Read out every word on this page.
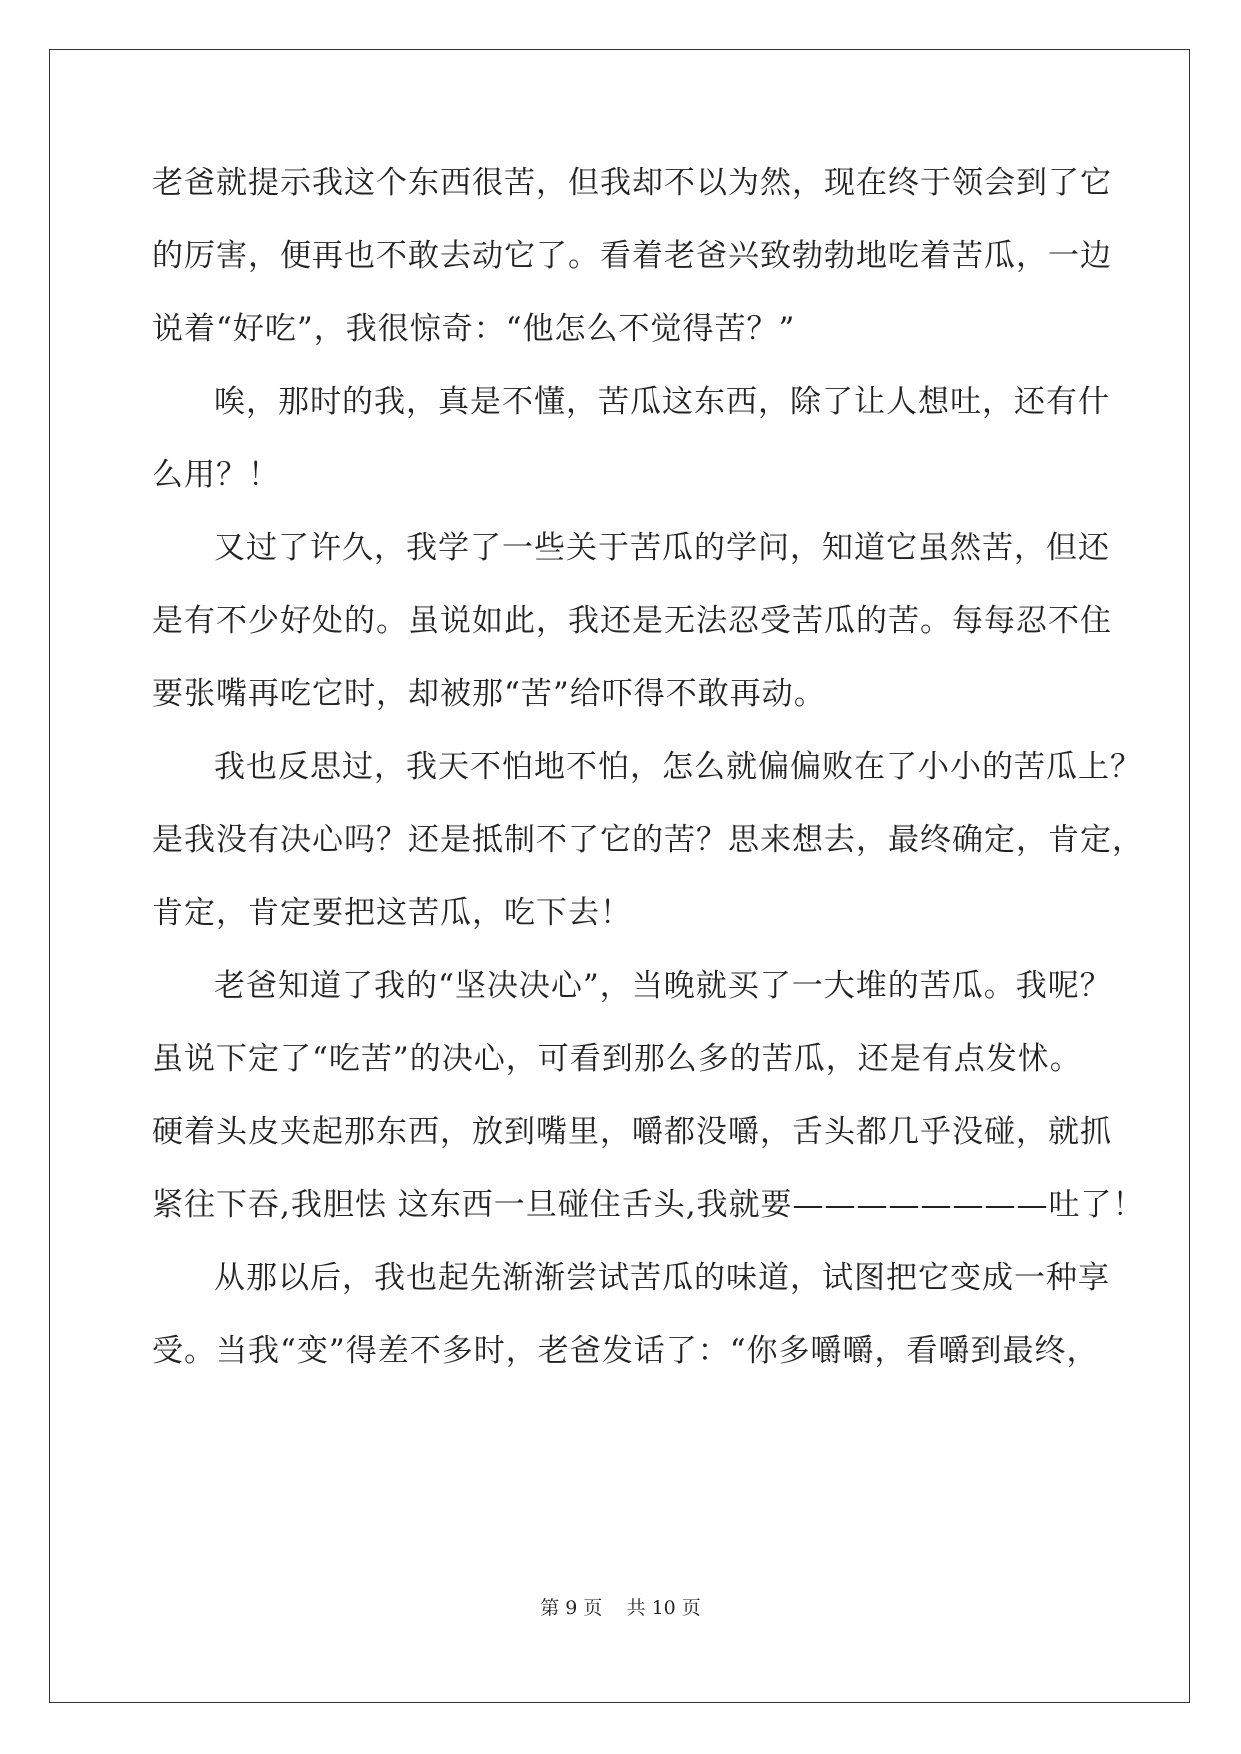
老爸就提示我这个东西很苦，但我却不以为然，现在终于领会到了它
的厉害，便再也不敢去动它了。看着老爸兴致勃勃地吃着苦瓜，一边
说着“好吃”，我很惊奇：“他怎么不觉得苦？”
唉，那时的我，真是不懂，苦瓜这东西，除了让人想吐，还有什
么用？！
又过了许久，我学了一些关于苦瓜的学问，知道它虽然苦，但还
是有不少好处的。虽说如此，我还是无法忍受苦瓜的苦。每每忍不住
要张嘴再吃它时，却被那“苦”给吓得不敢再动。
我也反思过，我天不怕地不怕，怎么就偏偏败在了小小的苦瓜上？
是我没有决心吗？还是抵制不了它的苦？思来想去，最终确定，肯定，
肯定，肯定要把这苦瓜，吃下去！
老爸知道了我的“坚决决心”，当晚就买了一大堆的苦瓜。我呢？
虽说下定了“吃苦”的决心，可看到那么多的苦瓜，还是有点发怵。
硬着头皮夹起那东西，放到嘴里，嚼都没嚼，舌头都几乎没碰，就抓
紧往下吞,我胆怯 这东西一旦碰住舌头,我就要————————吐了！
从那以后，我也起先渐渐尝试苦瓜的味道，试图把它变成一种享
受。当我“变”得差不多时，老爸发话了：“你多嚼嚼，看嚼到最终，
第 9 页    共 10 页
